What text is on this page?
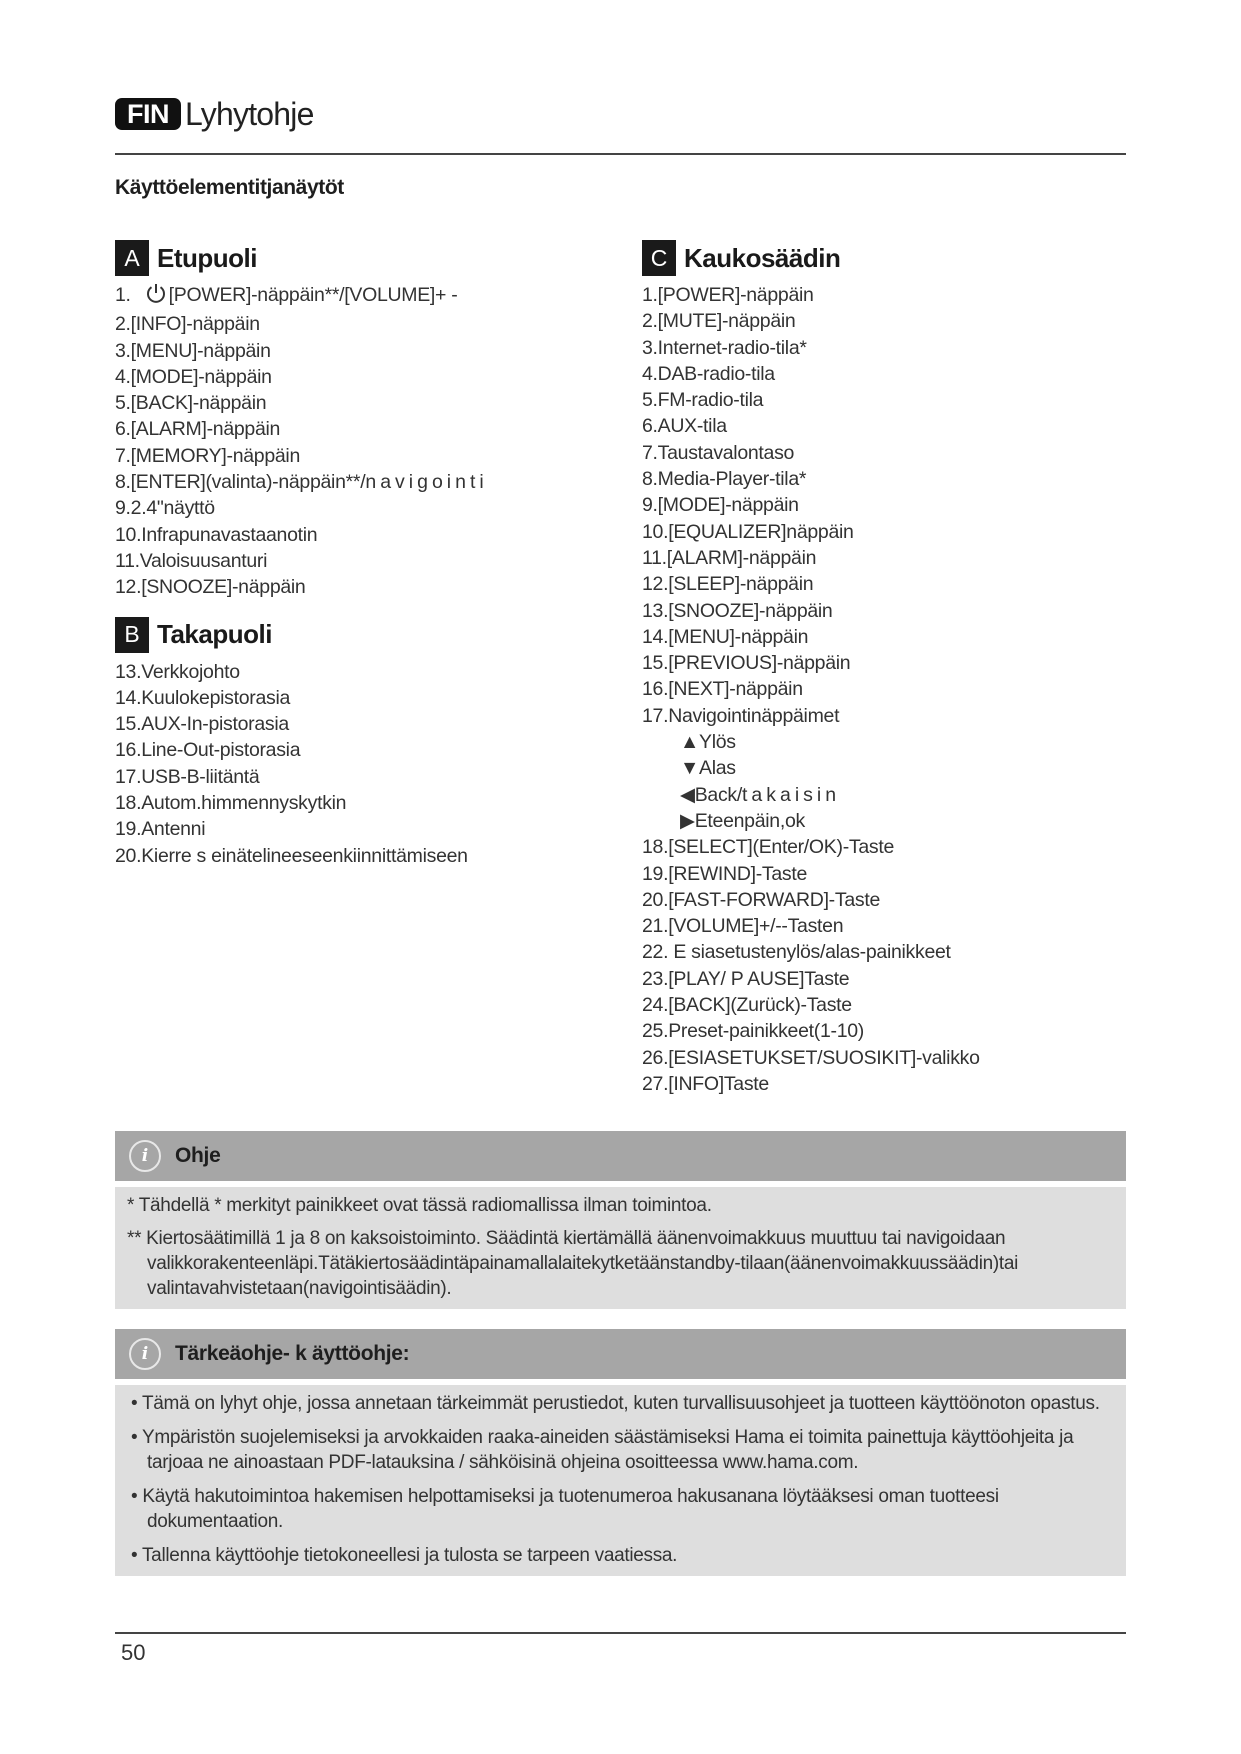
FIN Lyhytohje
Käyttöelementitjanäytöt
A Etupuoli
1. [POWER]-näppäin**/[VOLUME]+ -
2.[INFO]-näppäin
3.[MENU]-näppäin
4.[MODE]-näppäin
5.[BACK]-näppäin
6.[ALARM]-näppäin
7.[MEMORY]-näppäin
8.[ENTER](valinta)-näppäin**/navigointi
9.2.4"näyttö
10.Infrapunavastaanotin
11.Valoisuusanturi
12.[SNOOZE]-näppäin
B Takapuoli
13.Verkkojohto
14.Kuulokepistorasia
15.AUX-In-pistorasia
16.Line-Out-pistorasia
17.USB-B-liitäntä
18.Autom.himmennyskytkin
19.Antenni
20.Kierre s einätelineeseenkiinnittämiseen
C Kaukosäädin
1.[POWER]-näppäin
2.[MUTE]-näppäin
3.Internet-radio-tila*
4.DAB-radio-tila
5.FM-radio-tila
6.AUX-tila
7.Taustavalontaso
8.Media-Player-tila*
9.[MODE]-näppäin
10.[EQUALIZER]näppäin
11.[ALARM]-näppäin
12.[SLEEP]-näppäin
13.[SNOOZE]-näppäin
14.[MENU]-näppäin
15.[PREVIOUS]-näppäin
16.[NEXT]-näppäin
17.Navigointinäppäimet
▲Ylös
▼Alas
◀Back/takaisin
▶Eteenpäin,ok
18.[SELECT](Enter/OK)-Taste
19.[REWIND]-Taste
20.[FAST-FORWARD]-Taste
21.[VOLUME]+/--Tasten
22. E siasetustenylös/alas-painikkeet
23.[PLAY/ P AUSE]Taste
24.[BACK](Zurück)-Taste
25.Preset-painikkeet(1-10)
26.[ESIASETUKSET/SUOSIKIT]-valikko
27.[INFO]Taste
i	Ohje

* Tähdellä * merkityt painikkeet ovat tässä radiomallissa ilman toimintoa.

** Kiertosäätimillä 1 ja 8 on kaksoistoiminto. Säädintä kiertämällä äänenvoimakkuus muuttuu tai navigoidaan valikkorakenteenläpi.Tätäkiertosäädintäpainamallalaitekytketäänstandby-tilaan(äänenvoimakkuussäädin)tai valintavahvistetaan(navigointisäädin).

i	Tärkeäohje- k äyttöohje:

• Tämä on lyhyt ohje, jossa annetaan tärkeimmät perustiedot, kuten turvallisuusohjeet ja tuotteen käyttöönoton opastus.

• Ympäristön suojelemiseksi ja arvokkaiden raaka-aineiden säästämiseksi Hama ei toimita painettuja käyttöohjeita ja tarjoaa ne ainoastaan PDF-latauksina / sähköisinä ohjeina osoitteessa www.hama.com.

• Käytä hakutoimintoa hakemisen helpottamiseksi ja tuotenumeroa hakusanana löytääksesi oman tuotteesi dokumentaation.

• Tallenna käyttöohje tietokoneellesi ja tulosta se tarpeen vaatiessa.

50
